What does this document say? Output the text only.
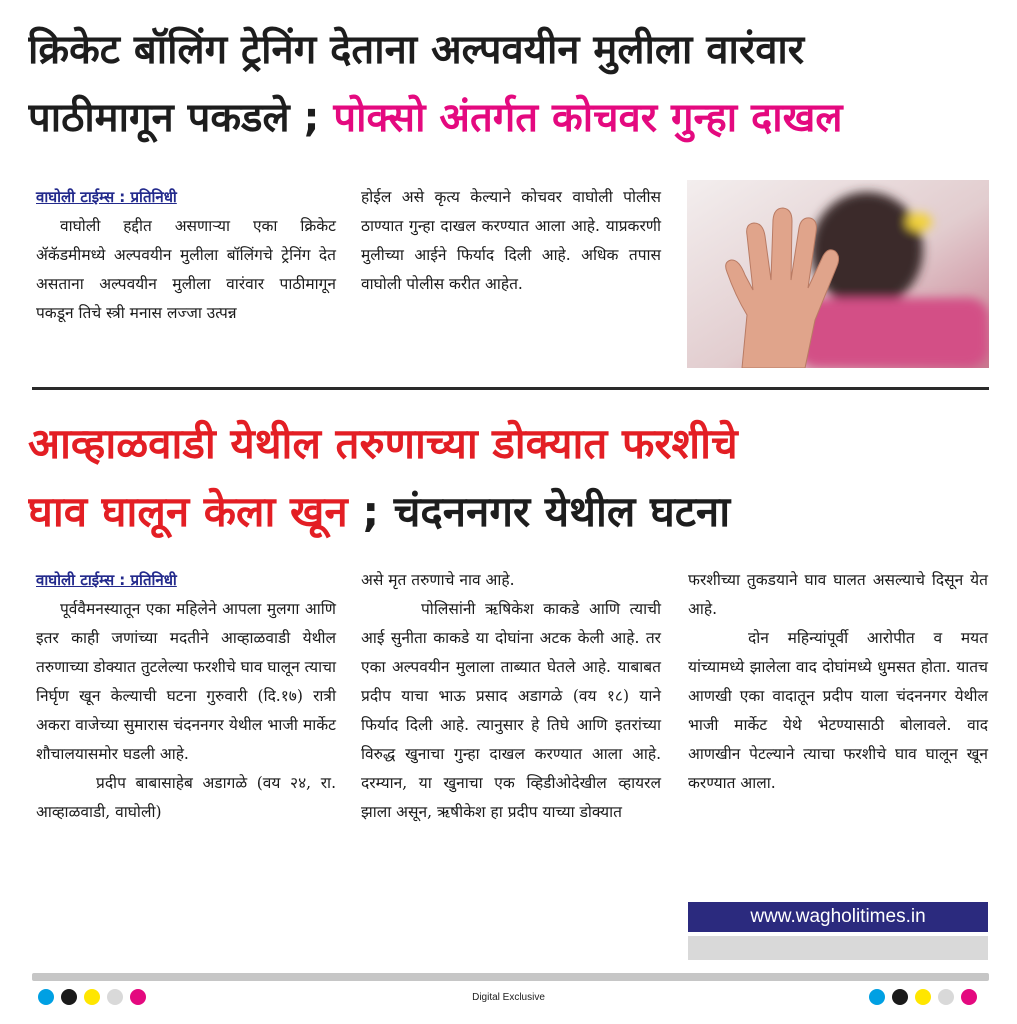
क्रिकेट बॉलिंग ट्रेनिंग देताना अल्पवयीन मुलीला वारंवार
पाठीमागून पकडले ; पोक्सो अंतर्गत कोचवर गुन्हा दाखल
वाघोली टाईम्स : प्रतिनिधी

वाघोली हद्दीत असणाऱ्या एका क्रिकेट ॲकॅडमीमध्ये अल्पवयीन मुलीला बॉलिंगचे ट्रेनिंग देत असताना अल्पवयीन मुलीला वारंवार पाठीमागून पकडून तिचे स्त्री मनास लज्जा उत्पन्न

होईल असे कृत्य केल्याने कोचवर वाघोली पोलीस ठाण्यात गुन्हा दाखल करण्यात आला आहे. याप्रकरणी मुलीच्या आईने फिर्याद दिली आहे. अधिक तपास वाघोली पोलीस करीत आहेत.

आव्हाळवाडी येथील तरुणाच्या डोक्यात फरशीचे
घाव घालून केला खून ; चंदननगर येथील घटना
वाघोली टाईम्स : प्रतिनिधी

पूर्ववैमनस्यातून एका महिलेने आपला मुलगा आणि इतर काही जणांच्या मदतीने आव्हाळवाडी येथील तरुणाच्या डोक्यात तुटलेल्या फरशीचे घाव घालून त्याचा निर्घृण खून केल्याची घटना गुरुवारी (दि.१७) रात्री अकरा वाजेच्या सुमारास चंदननगर येथील भाजी मार्केट शौचालयासमोर घडली आहे.

प्रदीप बाबासाहेब अडागळे (वय २४, रा. आव्हाळवाडी, वाघोली)

असे मृत तरुणाचे नाव आहे.

पोलिसांनी ऋषिकेश काकडे आणि त्याची आई सुनीता काकडे या दोघांना अटक केली आहे. तर एका अल्पवयीन मुलाला ताब्यात घेतले आहे. याबाबत प्रदीप याचा भाऊ प्रसाद अडागळे (वय १८) याने फिर्याद दिली आहे. त्यानुसार हे तिघे आणि इतरांच्या विरुद्ध खुनाचा गुन्हा दाखल करण्यात आला आहे. दरम्यान, या खुनाचा एक व्हिडीओदेखील व्हायरल झाला असून, ऋषीकेश हा प्रदीप याच्या डोक्यात

फरशीच्या तुकडयाने घाव घालत असल्याचे दिसून येत आहे.

दोन महिन्यांपूर्वी आरोपीत व मयत यांच्यामध्ये झालेला वाद दोघांमध्ये धुमसत होता. यातच आणखी एका वादातून प्रदीप याला चंदननगर येथील भाजी मार्केट येथे भेटण्यासाठी बोलावले. वाद आणखीन पेटल्याने त्याचा फरशीचे घाव घालून खून करण्यात आला.

www.wagholitimes.in
Digital Exclusive
